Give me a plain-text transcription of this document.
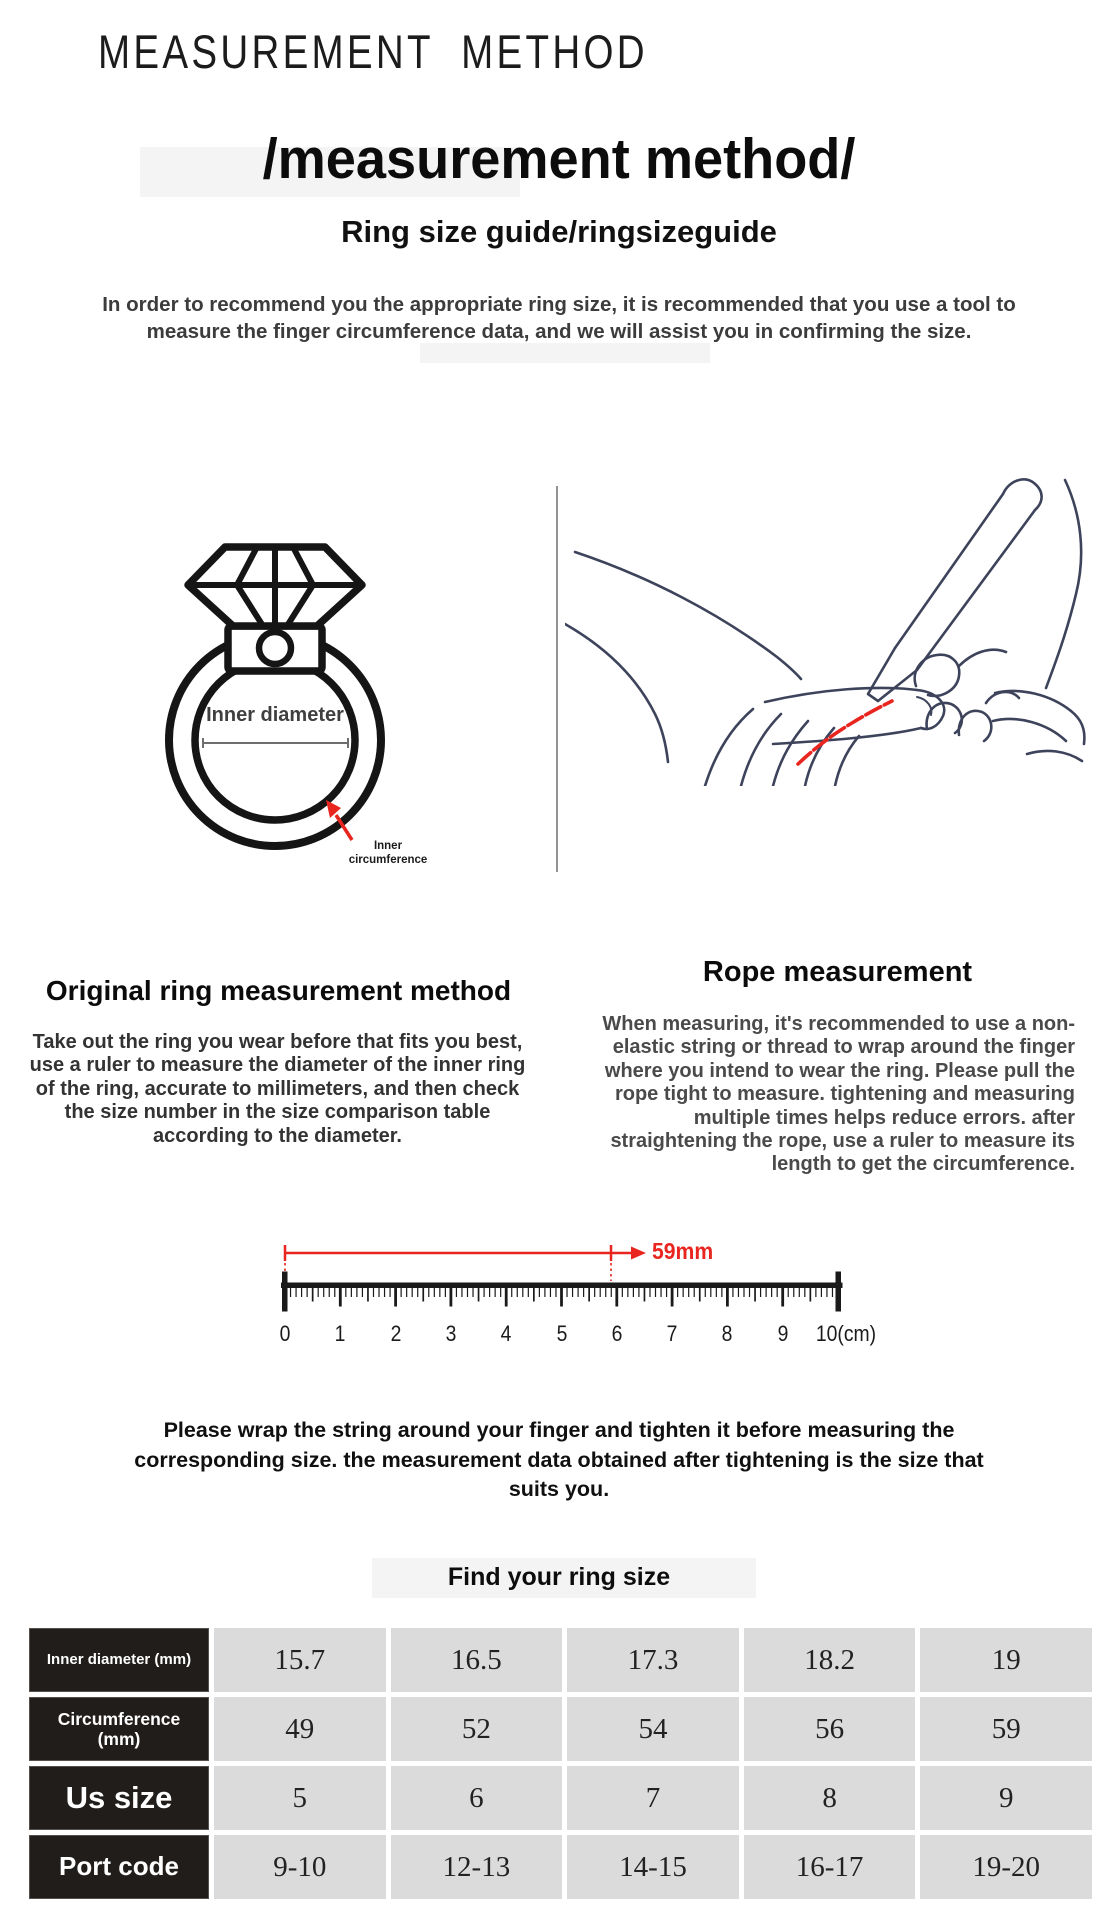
MEASUREMENT  METHOD
/measurement method/
Ring size guide/ringsizeguide
In order to recommend you the appropriate ring size, it is recommended that you use a tool to measure the finger circumference data, and we will assist you in confirming the size.
Inner diameter
Inner circumference
Original ring measurement method
Take out the ring you wear before that fits you best, use a ruler to measure the diameter of the inner ring of the ring, accurate to millimeters, and then check the size number in the size comparison table according to the diameter.
Rope measurement
When measuring, it's recommended to use a non-elastic string or thread to wrap around the finger where you intend to wear the ring. Please pull the rope tight to measure. tightening and measuring multiple times helps reduce errors. after straightening the rope, use a ruler to measure its length to get the circumference.
59mm
0	1	2	3	4	5	6	7	8	9	10(cm)
Please wrap the string around your finger and tighten it before measuring the corresponding size. the measurement data obtained after tightening is the size that suits you.
Find your ring size
Inner diameter (mm)	15.7	16.5	17.3	18.2	19
Circumference (mm)	49	52	54	56	59
Us size	5	6	7	8	9
Port code	9-10	12-13	14-15	16-17	19-20
